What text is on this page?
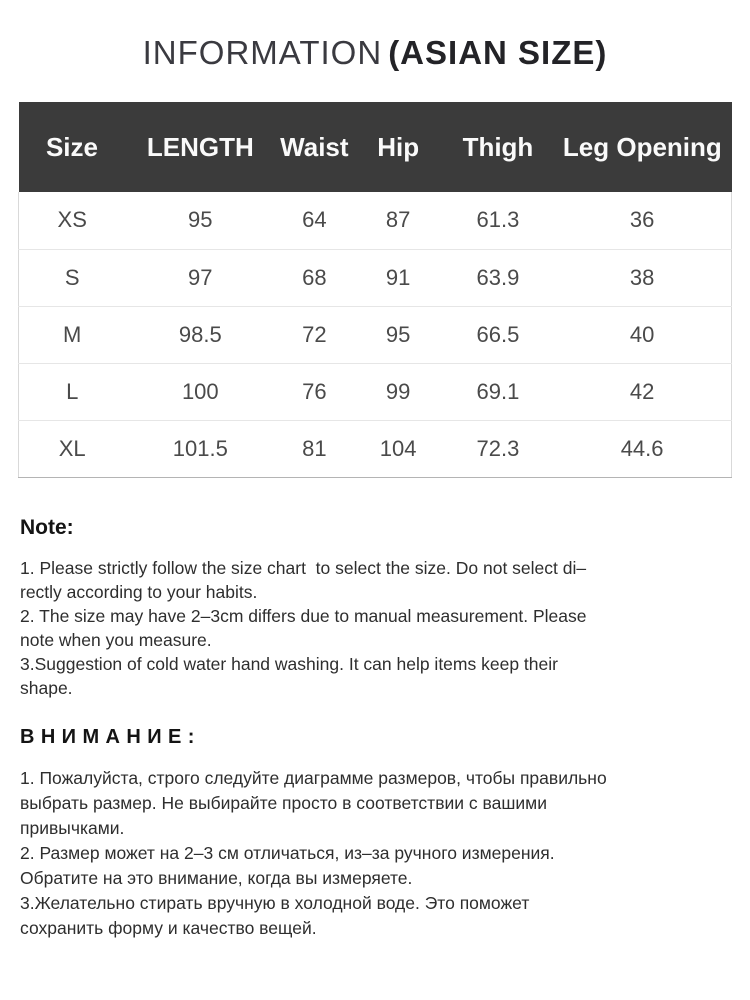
INFORMATION (ASIAN SIZE)
Size	LENGTH	Waist	Hip	Thigh	Leg Opening
XS	95	64	87	61.3	36
S	97	68	91	63.9	38
M	98.5	72	95	66.5	40
L	100	76	99	69.1	42
XL	101.5	81	104	72.3	44.6
Note:
1. Please strictly follow the size chart  to select the size. Do not select di–
rectly according to your habits.
2. The size may have 2–3cm differs due to manual measurement. Please
note when you measure.
3.Suggestion of cold water hand washing. It can help items keep their
shape.
ВНИМАНИЕ:
1. Пожалуйста, строго следуйте диаграмме размеров, чтобы правильно
выбрать размер. Не выбирайте просто в соответствии с вашими
привычками.
2. Размер может на 2–3 см отличаться, из–за ручного измерения.
Обратите на это внимание, когда вы измеряете.
3.Желательно стирать вручную в холодной воде. Это поможет
сохранить форму и качество вещей.
